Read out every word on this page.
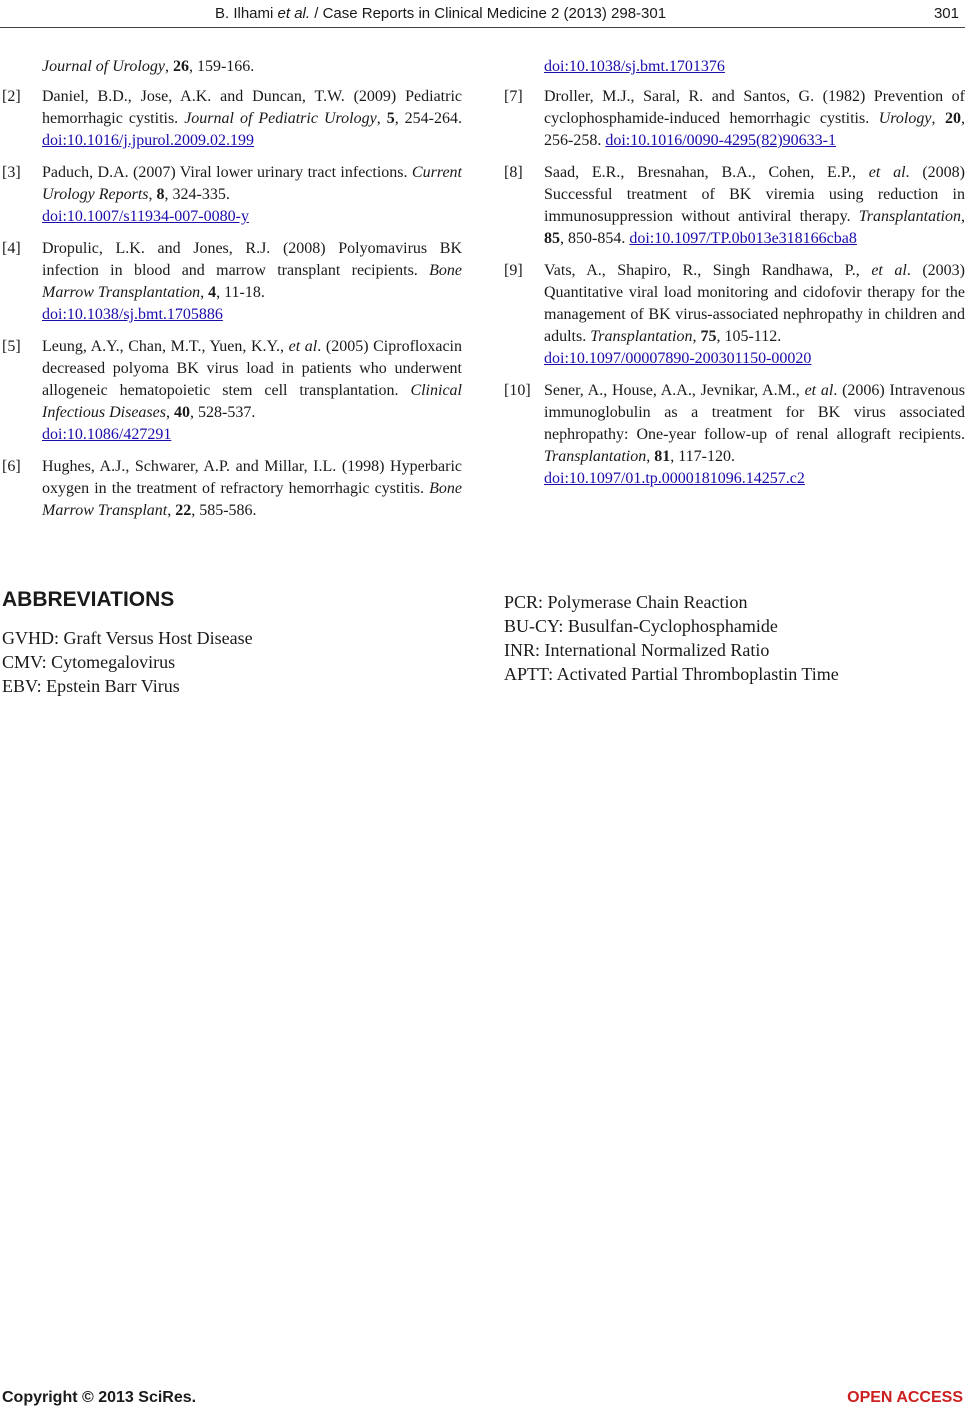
B. Ilhami et al. / Case Reports in Clinical Medicine 2 (2013) 298-301	301
Journal of Urology, 26, 159-166.
[2] Daniel, B.D., Jose, A.K. and Duncan, T.W. (2009) Pediatric hemorrhagic cystitis. Journal of Pediatric Urology, 5, 254-264. doi:10.1016/j.jpurol.2009.02.199
[3] Paduch, D.A. (2007) Viral lower urinary tract infections. Current Urology Reports, 8, 324-335.
doi:10.1007/s11934-007-0080-y
[4] Dropulic, L.K. and Jones, R.J. (2008) Polyomavirus BK infection in blood and marrow transplant recipients. Bone Marrow Transplantation, 4, 11-18.
doi:10.1038/sj.bmt.1705886
[5] Leung, A.Y., Chan, M.T., Yuen, K.Y., et al. (2005) Ciprofloxacin decreased polyoma BK virus load in patients who underwent allogeneic hematopoietic stem cell transplantation. Clinical Infectious Diseases, 40, 528-537.
doi:10.1086/427291
[6] Hughes, A.J., Schwarer, A.P. and Millar, I.L. (1998) Hyperbaric oxygen in the treatment of refractory hemorrhagic cystitis. Bone Marrow Transplant, 22, 585-586.
doi:10.1038/sj.bmt.1701376
[7] Droller, M.J., Saral, R. and Santos, G. (1982) Prevention of cyclophosphamide-induced hemorrhagic cystitis. Urology, 20, 256-258. doi:10.1016/0090-4295(82)90633-1
[8] Saad, E.R., Bresnahan, B.A., Cohen, E.P., et al. (2008) Successful treatment of BK viremia using reduction in immunosuppression without antiviral therapy. Transplantation, 85, 850-854. doi:10.1097/TP.0b013e318166cba8
[9] Vats, A., Shapiro, R., Singh Randhawa, P., et al. (2003) Quantitative viral load monitoring and cidofovir therapy for the management of BK virus-associated nephropathy in children and adults. Transplantation, 75, 105-112.
doi:10.1097/00007890-200301150-00020
[10] Sener, A., House, A.A., Jevnikar, A.M., et al. (2006) Intravenous immunoglobulin as a treatment for BK virus associated nephropathy: One-year follow-up of renal allograft recipients. Transplantation, 81, 117-120.
doi:10.1097/01.tp.0000181096.14257.c2
ABBREVIATIONS
GVHD: Graft Versus Host Disease
CMV: Cytomegalovirus
EBV: Epstein Barr Virus
PCR: Polymerase Chain Reaction
BU-CY: Busulfan-Cyclophosphamide
INR: International Normalized Ratio
APTT: Activated Partial Thromboplastin Time
Copyright © 2013 SciRes.	OPEN ACCESS
